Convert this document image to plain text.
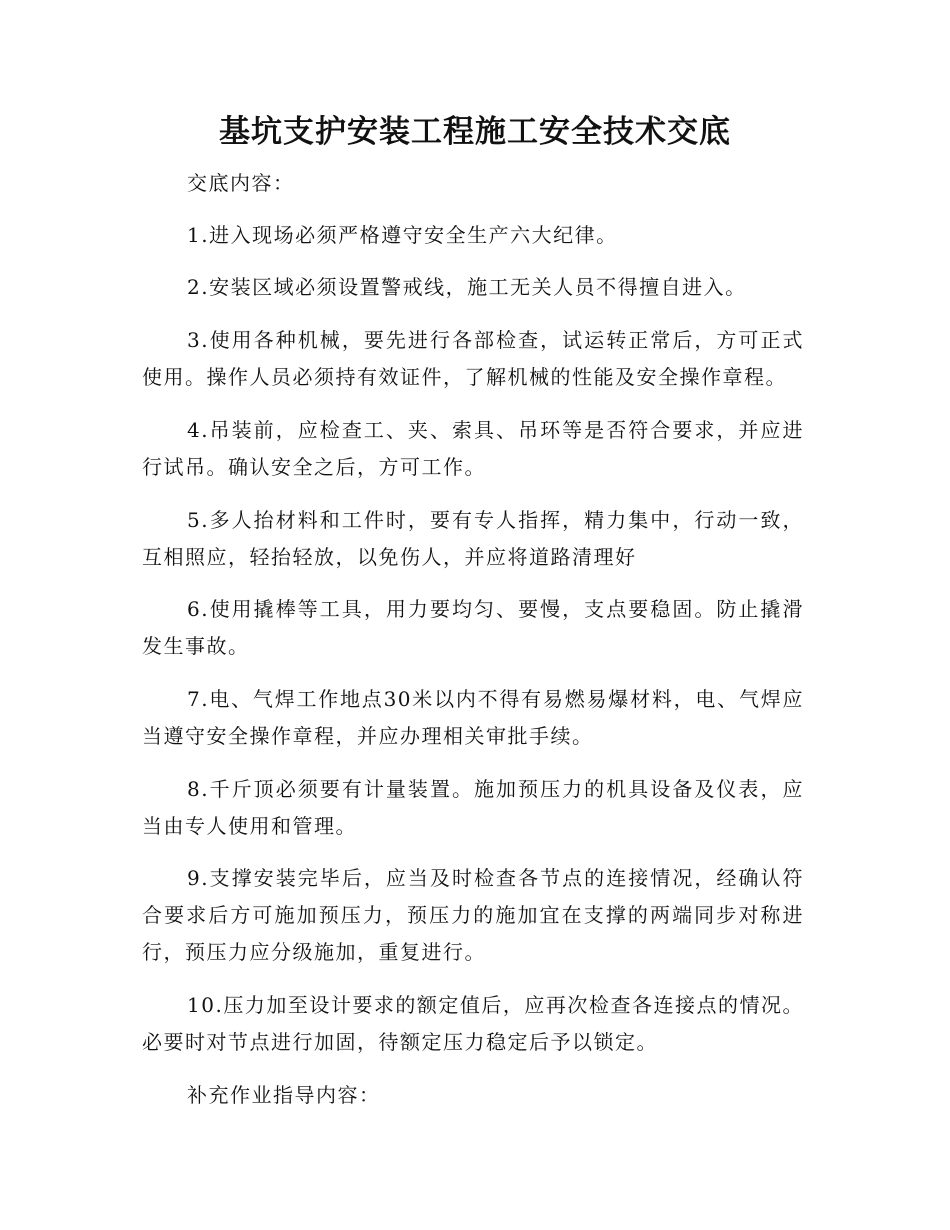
基坑支护安装工程施工安全技术交底

交底内容：

1.进入现场必须严格遵守安全生产六大纪律。

2.安装区域必须设置警戒线，施工无关人员不得擅自进入。

3.使用各种机械，要先进行各部检查，试运转正常后，方可正式使用。操作人员必须持有效证件，了解机械的性能及安全操作章程。

4.吊装前，应检查工、夹、索具、吊环等是否符合要求，并应进行试吊。确认安全之后，方可工作。

5.多人抬材料和工件时，要有专人指挥，精力集中，行动一致，互相照应，轻抬轻放，以免伤人，并应将道路清理好

6.使用撬棒等工具，用力要均匀、要慢，支点要稳固。防止撬滑发生事故。

7.电、气焊工作地点30米以内不得有易燃易爆材料，电、气焊应当遵守安全操作章程，并应办理相关审批手续。

8.千斤顶必须要有计量装置。施加预压力的机具设备及仪表，应当由专人使用和管理。

9.支撑安装完毕后，应当及时检查各节点的连接情况，经确认符合要求后方可施加预压力，预压力的施加宜在支撑的两端同步对称进行，预压力应分级施加，重复进行。

10.压力加至设计要求的额定值后，应再次检查各连接点的情况。必要时对节点进行加固，待额定压力稳定后予以锁定。

补充作业指导内容：
